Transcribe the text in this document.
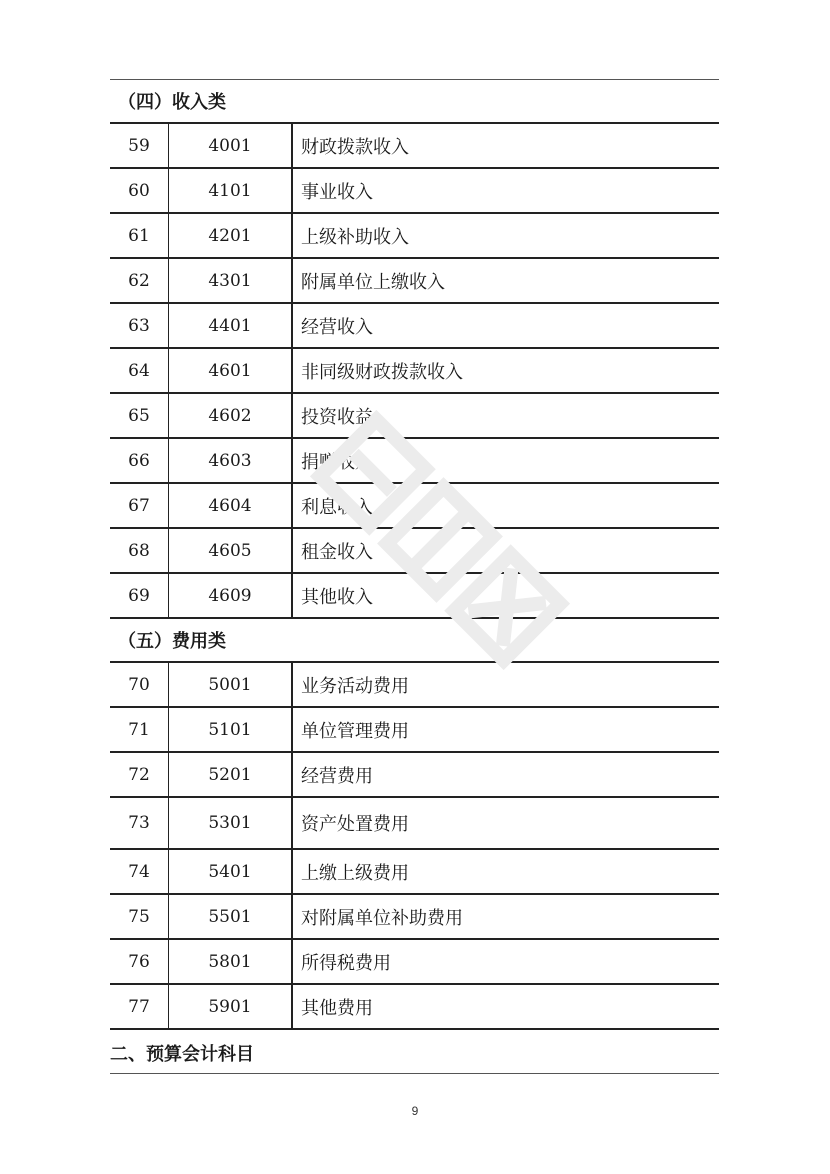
（四）收入类
59	4001	财政拨款收入
60	4101	事业收入
61	4201	上级补助收入
62	4301	附属单位上缴收入
63	4401	经营收入
64	4601	非同级财政拨款收入
65	4602	投资收益
66	4603	捐赠收入
67	4604	利息收入
68	4605	租金收入
69	4609	其他收入
（五）费用类
70	5001	业务活动费用
71	5101	单位管理费用
72	5201	经营费用
73	5301	资产处置费用
74	5401	上缴上级费用
75	5501	对附属单位补助费用
76	5801	所得税费用
77	5901	其他费用
二、预算会计科目
9
